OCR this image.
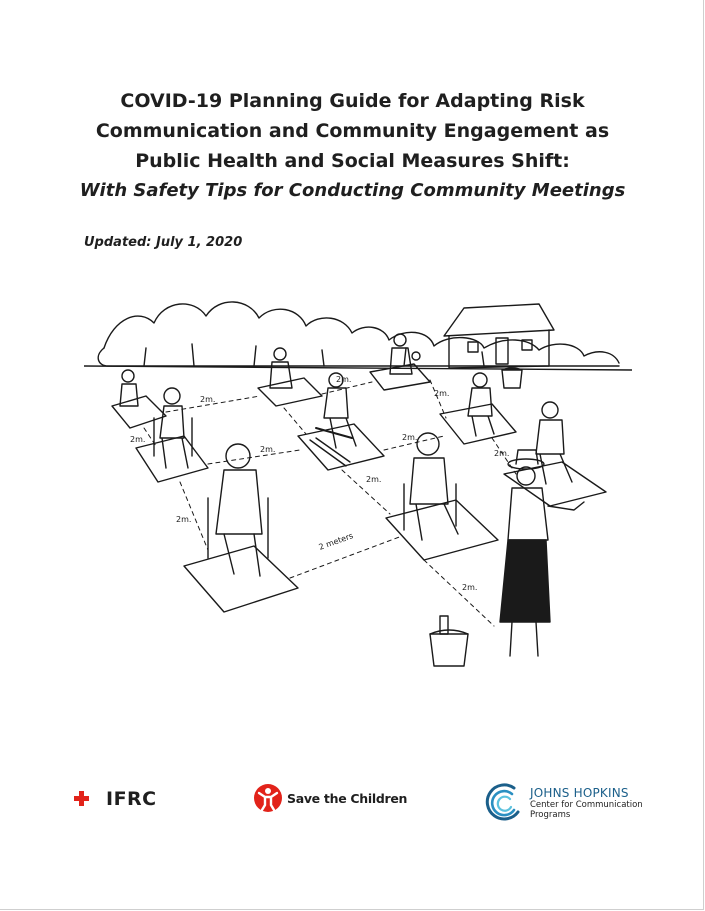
COVID-19 Planning Guide for Adapting Risk
Communication and Community Engagement as
Public Health and Social Measures Shift:
With Safety Tips for Conducting Community Meetings
Updated: July 1, 2020
2m.
2m.
2m.
2m.
2m.
2m.
2m.
2m.
2m.
2m.
2 meters
IFRC	Save the Children	JOHNS HOPKINS
Center for Communication
Programs
